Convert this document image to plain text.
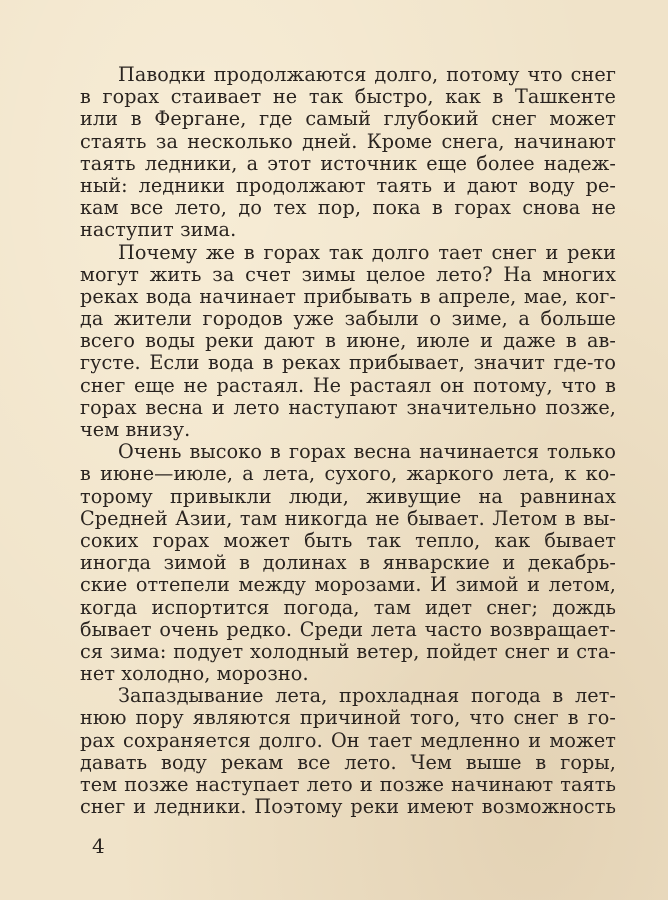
Паводки продолжаются долго, потому что снег
в горах стаивает не так быстро, как в Ташкенте
или в Фергане, где самый глубокий снег может
стаять за несколько дней. Кроме снега, начинают
таять ледники, а этот источник еще более надеж-
ный: ледники продолжают таять и дают воду ре-
кам все лето, до тех пор, пока в горах снова не
наступит зима.
Почему же в горах так долго тает снег и реки
могут жить за счет зимы целое лето? На многих
реках вода начинает прибывать в апреле, мае, ког-
да жители городов уже забыли о зиме, а больше
всего воды реки дают в июне, июле и даже в ав-
густе. Если вода в реках прибывает, значит где-то
снег еще не растаял. Не растаял он потому, что в
горах весна и лето наступают значительно позже,
чем внизу.
Очень высоко в горах весна начинается только
в июне—июле, а лета, сухого, жаркого лета, к ко-
торому привыкли люди, живущие на равнинах
Средней Азии, там никогда не бывает. Летом в вы-
соких горах может быть так тепло, как бывает
иногда зимой в долинах в январские и декабрь-
ские оттепели между морозами. И зимой и летом,
когда испортится погода, там идет снег; дождь
бывает очень редко. Среди лета часто возвращает-
ся зима: подует холодный ветер, пойдет снег и ста-
нет холодно, морозно.
Запаздывание лета, прохладная погода в лет-
нюю пору являются причиной того, что снег в го-
рах сохраняется долго. Он тает медленно и может
давать воду рекам все лето. Чем выше в горы,
тем позже наступает лето и позже начинают таять
снег и ледники. Поэтому реки имеют возможность
4
